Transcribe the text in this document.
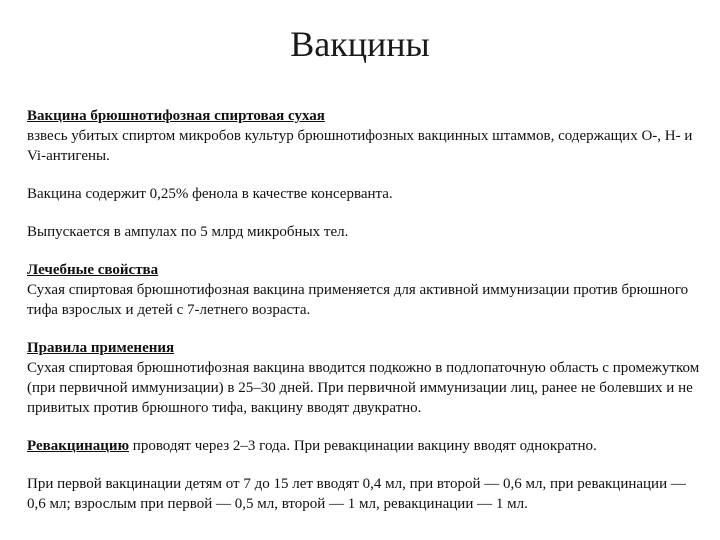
Вакцины
Вакцина брюшнотифозная спиртовая сухая
взвесь убитых спиртом микробов культур брюшнотифозных вакцинных штаммов, содержащих О-, Н- и Vi-антигены.
Вакцина содержит 0,25% фенола в качестве консерванта.
Выпускается в ампулах по 5 млрд микробных тел.
Лечебные свойства
Сухая спиртовая брюшнотифозная вакцина применяется для активной иммунизации против брюшного тифа взрослых и детей с 7-летнего возраста.
Правила применения
Сухая спиртовая брюшнотифозная вакцина вводится подкожно в подлопаточную область с промежутком (при первичной иммунизации) в 25–30 дней. При первичной иммунизации лиц, ранее не болевших и не привитых против брюшного тифа, вакцину вводят двукратно.
Ревакцинацию проводят через 2–3 года. При ревакцинации вакцину вводят однократно.
При первой вакцинации детям от 7 до 15 лет вводят 0,4 мл, при второй — 0,6 мл, при ревакцинации — 0,6 мл; взрослым при первой — 0,5 мл, второй — 1 мл, ревакцинации — 1 мл.
